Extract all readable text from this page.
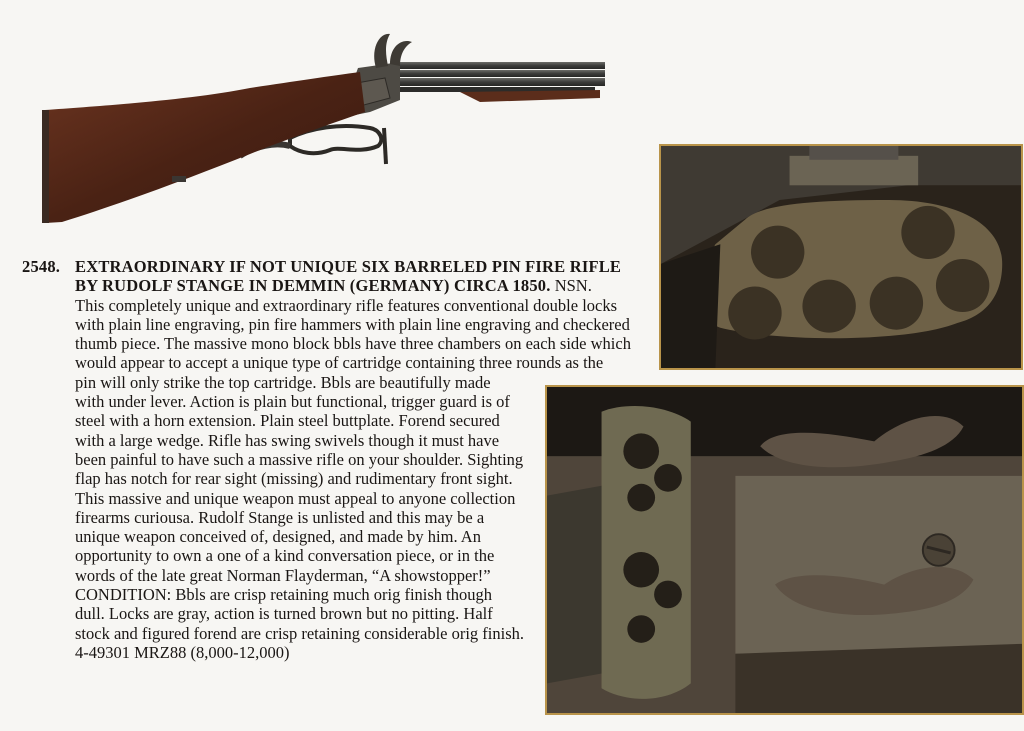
2548. EXTRAORDINARY IF NOT UNIQUE SIX BARRELED PIN FIRE RIFLE
BY RUDOLF STANGE IN DEMMIN (GERMANY) CIRCA 1850. NSN.
This completely unique and extraordinary rifle features conventional double locks
with plain line engraving, pin fire hammers with plain line engraving and checkered
thumb piece. The massive mono block bbls have three chambers on each side which
would appear to accept a unique type of cartridge containing three rounds as the
pin will only strike the top cartridge. Bbls are beautifully made
with under lever. Action is plain but functional, trigger guard is of
steel with a horn extension. Plain steel buttplate. Forend secured
with a large wedge. Rifle has swing swivels though it must have
been painful to have such a massive rifle on your shoulder. Sighting
flap has notch for rear sight (missing) and rudimentary front sight.
This massive and unique weapon must appeal to anyone collection
firearms curiousa. Rudolf Stange is unlisted and this may be a
unique weapon conceived of, designed, and made by him. An
opportunity to own a one of a kind conversation piece, or in the
words of the late great Norman Flayderman, “A showstopper!”
CONDITION: Bbls are crisp retaining much orig finish though
dull. Locks are gray, action is turned brown but no pitting. Half
stock and figured forend are crisp retaining considerable orig finish.
4-49301 MRZ88 (8,000-12,000)
